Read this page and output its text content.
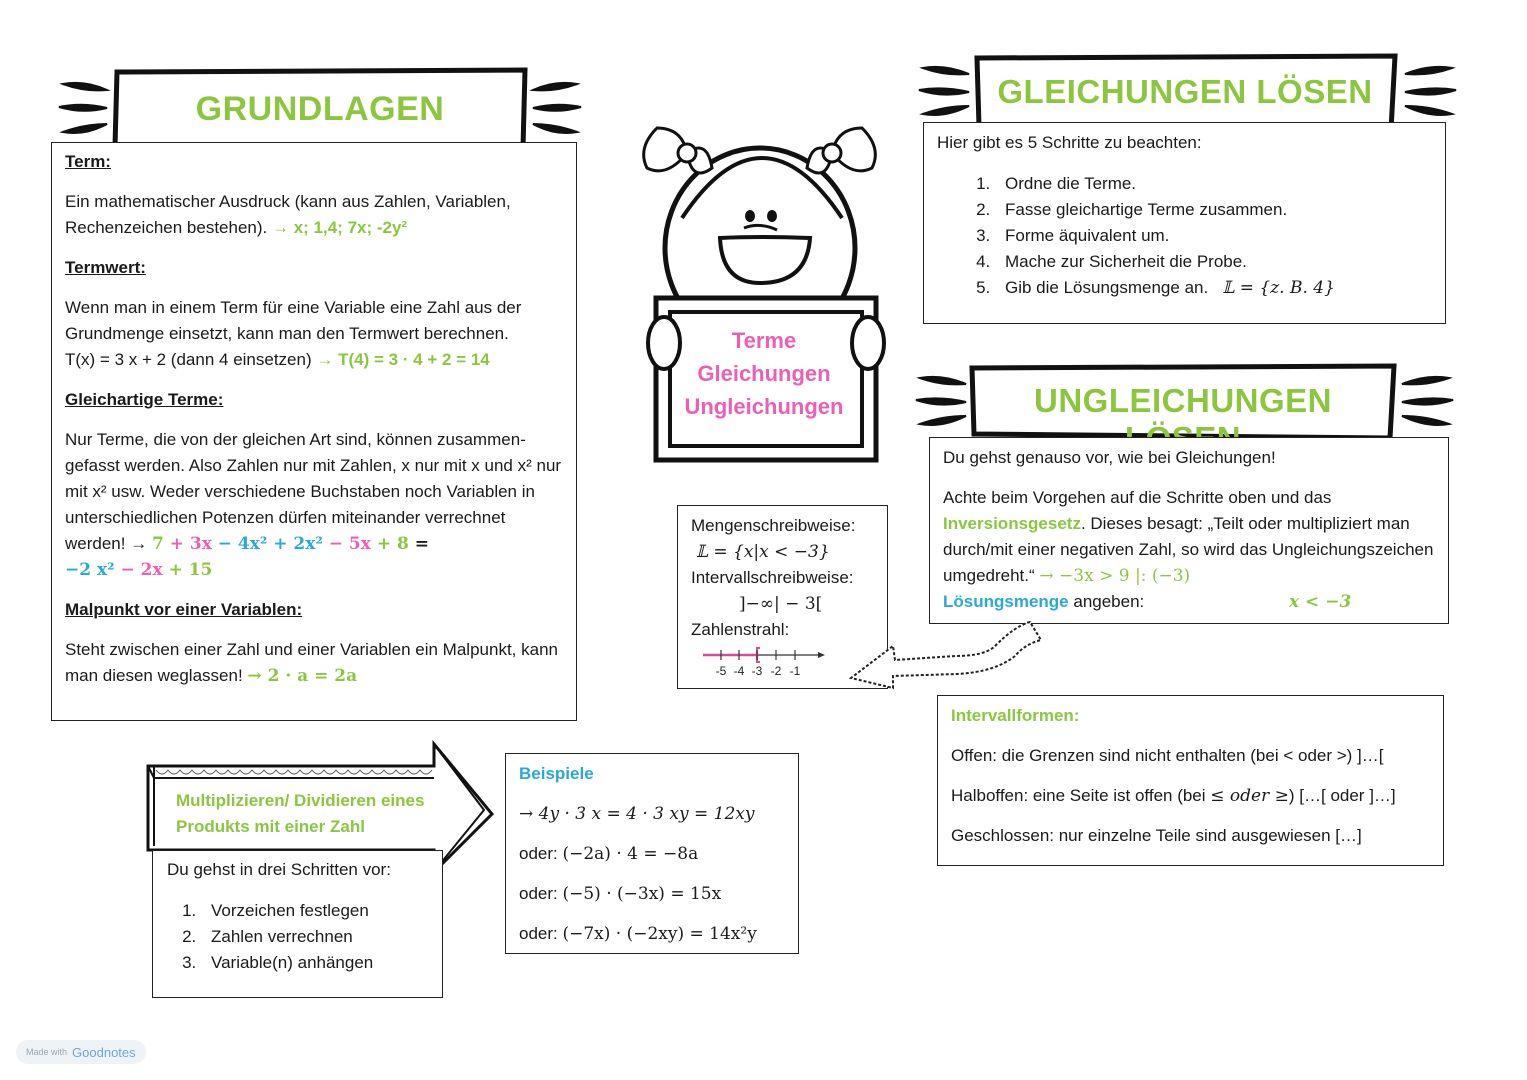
GRUNDLAGEN
Term:

Ein mathematischer Ausdruck (kann aus Zahlen, Variablen, Rechenzeichen bestehen). → x; 1,4; 7x; -2y²

Termwert:

Wenn man in einem Term für eine Variable eine Zahl aus der Grundmenge einsetzt, kann man den Termwert berechnen.

T(x) = 3 x + 2 (dann 4 einsetzen) → T(4) = 3 · 4 + 2 = 14

Gleichartige Terme:

Nur Terme, die von der gleichen Art sind, können zusammen-gefasst werden. Also Zahlen nur mit Zahlen, x nur mit x und x² nur mit x² usw. Weder verschiedene Buchstaben noch Variablen in unterschiedlichen Potenzen dürfen miteinander verrechnet werden! → 7 + 3x − 4x² + 2x² − 5x + 8 =
−2 x² − 2x + 15

Malpunkt vor einer Variablen:

Steht zwischen einer Zahl und einer Variablen ein Malpunkt, kann man diesen weglassen! → 2 · a = 2a

Terme
Gleichungen
Ungleichungen
GLEICHUNGEN LÖSEN
Hier gibt es 5 Schritte zu beachten:
1. Ordne die Terme.
2. Fasse gleichartige Terme zusammen.
3. Forme äquivalent um.
4. Mache zur Sicherheit die Probe.
5. Gib die Lösungsmenge an. 𝕃 = {z. B. 4}
UNGLEICHUNGEN
Du gehst genauso vor, wie bei Gleichungen!

Achte beim Vorgehen auf die Schritte oben und das Inversionsgesetz. Dieses besagt: „Teilt oder multipliziert man durch/mit einer negativen Zahl, so wird das Ungleichungszeichen umgedreht.“ → −3x > 9 |: (−3)

Lösungsmenge angeben:	x < −3
Mengenschreibweise:
𝕃 = {x|x < −3}
Intervallschreibweise:
]−∞| − 3[
Zahlenstrahl:
-5 -4 -3 -2 -1
Intervallformen:
Offen: die Grenzen sind nicht enthalten (bei < oder >) ]…[
Halboffen: eine Seite ist offen (bei ≤ oder ≥) […[ oder ]…]
Geschlossen: nur einzelne Teile sind ausgewiesen […]
Multiplizieren/ Dividieren eines Produkts mit einer Zahl
Du gehst in drei Schritten vor:
1. Vorzeichen festlegen
2. Zahlen verrechnen
3. Variable(n) anhängen
Beispiele
→ 4y · 3 x = 4 · 3 xy = 12xy
oder: (−2a) · 4 = −8a
oder: (−5) · (−3x) = 15x
oder: (−7x) · (−2xy) = 14x²y
Made with Goodnotes
